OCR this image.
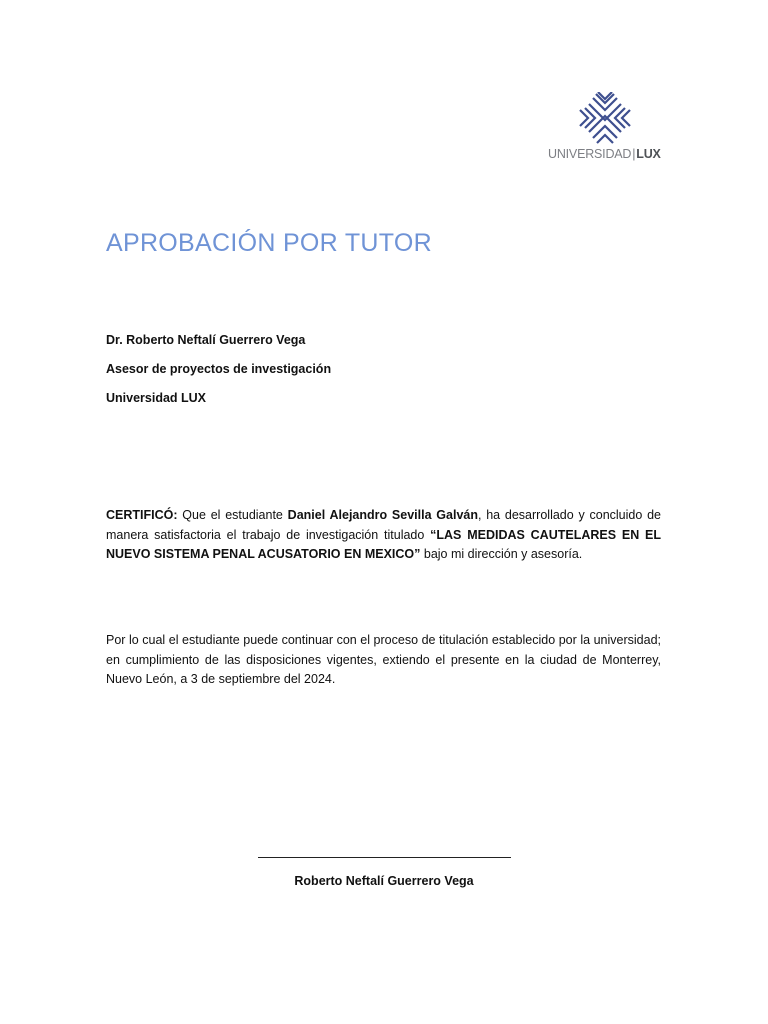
UNIVERSIDAD|LUX
APROBACIÓN POR TUTOR
Dr. Roberto Neftalí Guerrero Vega
Asesor de proyectos de investigación
Universidad LUX
CERTIFICÓ: Que el estudiante Daniel Alejandro Sevilla Galván, ha desarrollado y concluido de manera satisfactoria el trabajo de investigación titulado “LAS MEDIDAS CAUTELARES EN EL NUEVO SISTEMA PENAL ACUSATORIO EN MEXICO” bajo mi dirección y asesoría.
Por lo cual el estudiante puede continuar con el proceso de titulación establecido por la universidad; en cumplimiento de las disposiciones vigentes, extiendo el presente en la ciudad de Monterrey, Nuevo León, a 3 de septiembre del 2024.
Roberto Neftalí Guerrero Vega
